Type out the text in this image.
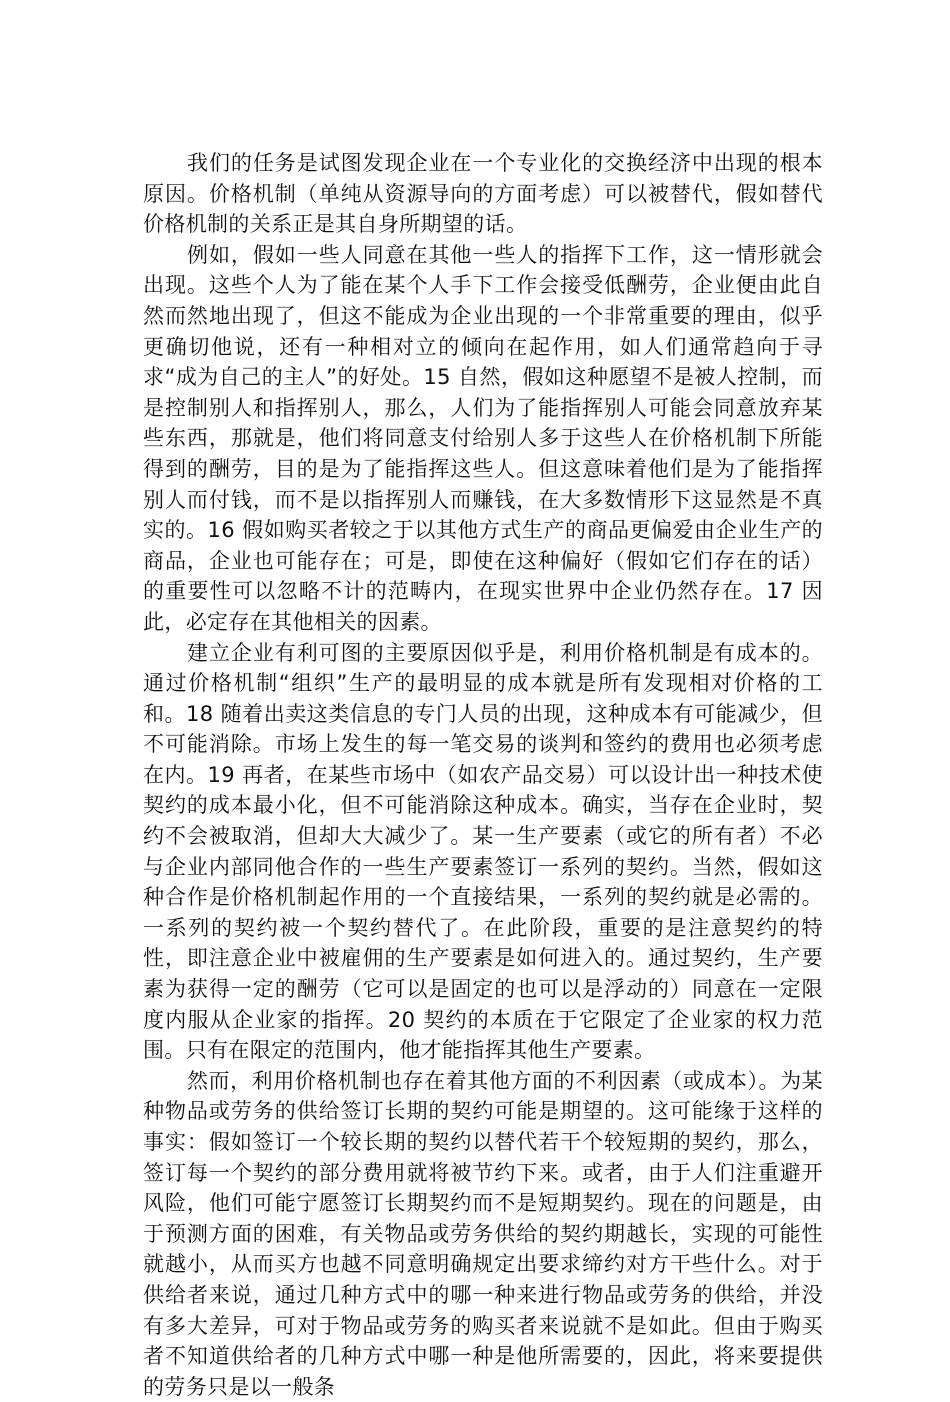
我们的任务是试图发现企业在一个专业化的交换经济中出现的根本原因。价格机制（单纯从资源导向的方面考虑）可以被替代，假如替代价格机制的关系正是其自身所期望的话。

例如，假如一些人同意在其他一些人的指挥下工作，这一情形就会出现。这些个人为了能在某个人手下工作会接受低酬劳，企业便由此自然而然地出现了，但这不能成为企业出现的一个非常重要的理由，似乎更确切他说，还有一种相对立的倾向在起作用，如人们通常趋向于寻求“成为自己的主人”的好处。15 自然，假如这种愿望不是被人控制，而是控制别人和指挥别人，那么，人们为了能指挥别人可能会同意放弃某些东西，那就是，他们将同意支付给别人多于这些人在价格机制下所能得到的酬劳，目的是为了能指挥这些人。但这意味着他们是为了能指挥别人而付钱，而不是以指挥别人而赚钱，在大多数情形下这显然是不真实的。16 假如购买者较之于以其他方式生产的商品更偏爱由企业生产的商品，企业也可能存在；可是，即使在这种偏好（假如它们存在的话）的重要性可以忽略不计的范畴内，在现实世界中企业仍然存在。17 因此，必定存在其他相关的因素。

建立企业有利可图的主要原因似乎是，利用价格机制是有成本的。通过价格机制“组织”生产的最明显的成本就是所有发现相对价格的工和。18 随着出卖这类信息的专门人员的出现，这种成本有可能减少，但不可能消除。市场上发生的每一笔交易的谈判和签约的费用也必须考虑在内。19 再者，在某些市场中（如农产品交易）可以设计出一种技术使契约的成本最小化，但不可能消除这种成本。确实，当存在企业时，契约不会被取消，但却大大减少了。某一生产要素（或它的所有者）不必与企业内部同他合作的一些生产要素签订一系列的契约。当然，假如这种合作是价格机制起作用的一个直接结果，一系列的契约就是必需的。一系列的契约被一个契约替代了。在此阶段，重要的是注意契约的特性，即注意企业中被雇佣的生产要素是如何进入的。通过契约，生产要素为获得一定的酬劳（它可以是固定的也可以是浮动的）同意在一定限度内服从企业家的指挥。20 契约的本质在于它限定了企业家的权力范围。只有在限定的范围内，他才能指挥其他生产要素。

然而，利用价格机制也存在着其他方面的不利因素（或成本）。为某种物品或劳务的供给签订长期的契约可能是期望的。这可能缘于这样的事实：假如签订一个较长期的契约以替代若干个较短期的契约，那么，签订每一个契约的部分费用就将被节约下来。或者，由于人们注重避开风险，他们可能宁愿签订长期契约而不是短期契约。现在的问题是，由于预测方面的困难，有关物品或劳务供给的契约期越长，实现的可能性就越小，从而买方也越不同意明确规定出要求缔约对方干些什么。对于供给者来说，通过几种方式中的哪一种来进行物品或劳务的供给，并没有多大差异，可对于物品或劳务的购买者来说就不是如此。但由于购买者不知道供给者的几种方式中哪一种是他所需要的，因此，将来要提供的劳务只是以一般条
